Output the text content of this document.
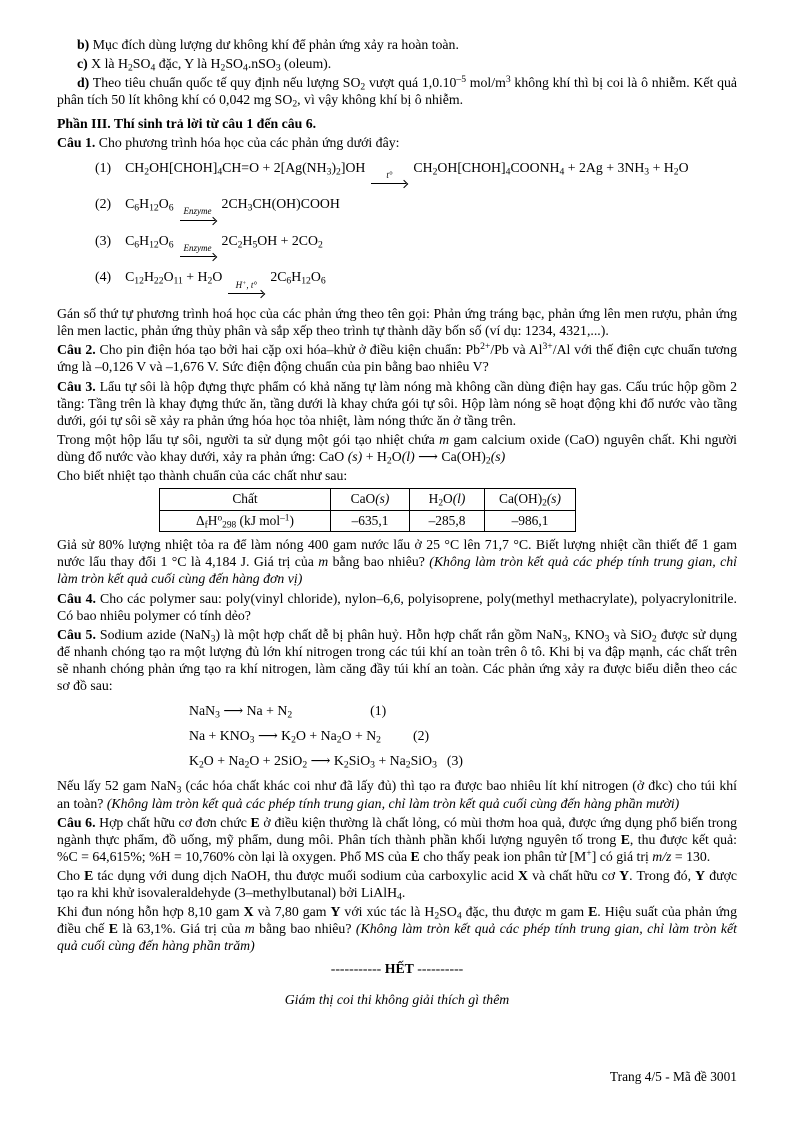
b) Mục đích dùng lượng dư không khí để phản ứng xảy ra hoàn toàn.

c) X là $H_2SO_4$ đặc, Y là $H_2SO_4.nSO_3$ (oleum).

d) Theo tiêu chuẩn quốc tế quy định nếu lượng $SO_2$ vượt quá $1,0.10^{-5}$ mol/$m^3$ không khí thì bị coi là ô nhiễm. Kết quả phân tích 50 lít không khí có 0,042 mg $SO_2$, vì vậy không khí bị ô nhiễm.

Phần III. Thí sinh trả lời từ câu 1 đến câu 6.

Câu 1. Cho phương trình hóa học của các phản ứng dưới đây:

(1) $CH_2OH[CHOH]_4CH=O + 2[Ag(NH_3)_2]OH$
t°
$CH_2OH[CHOH]_4COONH_4 + 2Ag + 3NH_3 + H_2O$
(2) $C_6H_{12}O_6$	Enzyme
$2CH_3CH(OH)COOH$
(3) $C_6H_{12}O_6$	Enzyme
$2C_2H_5OH + 2CO_2$
(4) $C_{12}H_{22}O_{11} + H_2O$
H+, t°
$2C_6H_{12}O_6$

Gán số thứ tự phương trình hoá học của các phản ứng theo tên gọi: Phản ứng tráng bạc, phản ứng lên men rượu, phản ứng lên men lactic, phản ứng thủy phân và sắp xếp theo trình tự thành dãy bốn số (ví dụ: 1234, 4321,...).

Câu 2. Cho pin điện hóa tạo bởi hai cặp oxi hóa–khử ở điều kiện chuẩn: $Pb^{2+}/Pb$ và $Al^{3+}/Al$ với thế điện cực chuẩn tương ứng là –0,126 V và –1,676 V. Sức điện động chuẩn của pin bằng bao nhiêu V?

Câu 3. Lẩu tự sôi là hộp đựng thực phẩm có khả năng tự làm nóng mà không cần dùng điện hay gas. Cấu trúc hộp gồm 2 tầng: Tầng trên là khay đựng thức ăn, tầng dưới là khay chứa gói tự sôi. Hộp làm nóng sẽ hoạt động khi đổ nước vào tầng dưới, gói tự sôi sẽ xảy ra phản ứng hóa học tỏa nhiệt, làm nóng thức ăn ở tầng trên.

Trong một hộp lẩu tự sôi, người ta sử dụng một gói tạo nhiệt chứa m gam calcium oxide (CaO) nguyên chất. Khi người dùng đổ nước vào khay dưới, xảy ra phản ứng: CaO $(s) + H_2O(l)$ ⟶ $Ca(OH)_2(s)$

Cho biết nhiệt tạo thành chuẩn của các chất như sau:

Chất	CaO(s)	$H_2O(l)$	$Ca(OH)_2(s)$
$\Delta_fH^o_{298}$ (kJ mol$^{-1}$)	–635,1	–285,8	–986,1

Giả sử 80% lượng nhiệt tỏa ra để làm nóng 400 gam nước lẩu ở 25 °C lên 71,7 °C. Biết lượng nhiệt cần thiết để 1 gam nước lẩu thay đổi 1 °C là 4,184 J. Giá trị của m bằng bao nhiêu? (Không làm tròn kết quả các phép tính trung gian, chỉ làm tròn kết quả cuối cùng đến hàng đơn vị)

Câu 4. Cho các polymer sau: poly(vinyl chloride), nylon–6,6, polyisoprene, poly(methyl methacrylate), polyacrylonitrile. Có bao nhiêu polymer có tính dẻo?

Câu 5. Sodium azide (NaN$_3$) là một hợp chất dễ bị phân huỷ. Hỗn hợp chất rắn gồm NaN$_3$, $KNO_3$ và SiO$_2$ được sử dụng để nhanh chóng tạo ra một lượng đủ lớn khí nitrogen trong các túi khí an toàn trên ô tô. Khi bị va đập mạnh, các chất trên sẽ nhanh chóng phản ứng tạo ra khí nitrogen, làm căng đầy túi khí an toàn. Các phản ứng xảy ra được biểu diễn theo các sơ đồ sau:

NaN$_3$ ⟶ $Na + N_2$	(1)
$Na + KNO_3$ ⟶ $K_2O + Na_2O + N_2$ (2)
$K_2O + Na_2O + 2SiO_2$ ⟶ $K_2SiO_3 + Na_2SiO_3$ (3)

Nếu lấy 52 gam NaN$_3$ (các hóa chất khác coi như đã lấy đủ) thì tạo ra được bao nhiêu lít khí nitrogen (ở đkc) cho túi khí an toàn? (Không làm tròn kết quả các phép tính trung gian, chỉ làm tròn kết quả cuối cùng đến hàng phần mười)

Câu 6. Hợp chất hữu cơ đơn chức E ở điều kiện thường là chất lỏng, có mùi thơm hoa quả, được ứng dụng phổ biến trong ngành thực phẩm, đồ uống, mỹ phẩm, dung môi. Phân tích thành phần khối lượng nguyên tố trong E, thu được kết quả: %C = 64,615%; %H = 10,760% còn lại là oxygen. Phổ MS của E cho thấy peak ion phân tử [M+] có giá trị m/z = 130.

Cho E tác dụng với dung dịch NaOH, thu được muối sodium của carboxylic acid X và chất hữu cơ Y. Trong đó, Y được tạo ra khi khử isovaleraldehyde (3–methylbutanal) bởi LiAlH$_4$.

Khi đun nóng hỗn hợp 8,10 gam X và 7,80 gam Y với xúc tác là $H_2SO_4$ đặc, thu được m gam E. Hiệu suất của phản ứng điều chế E là 63,1%. Giá trị của m bằng bao nhiêu? (Không làm tròn kết quả các phép tính trung gian, chỉ làm tròn kết quả cuối cùng đến hàng phần trăm)

----------- HẾT ----------

Giám thị coi thi không giải thích gì thêm

Trang 4/5 - Mã đề 3001
